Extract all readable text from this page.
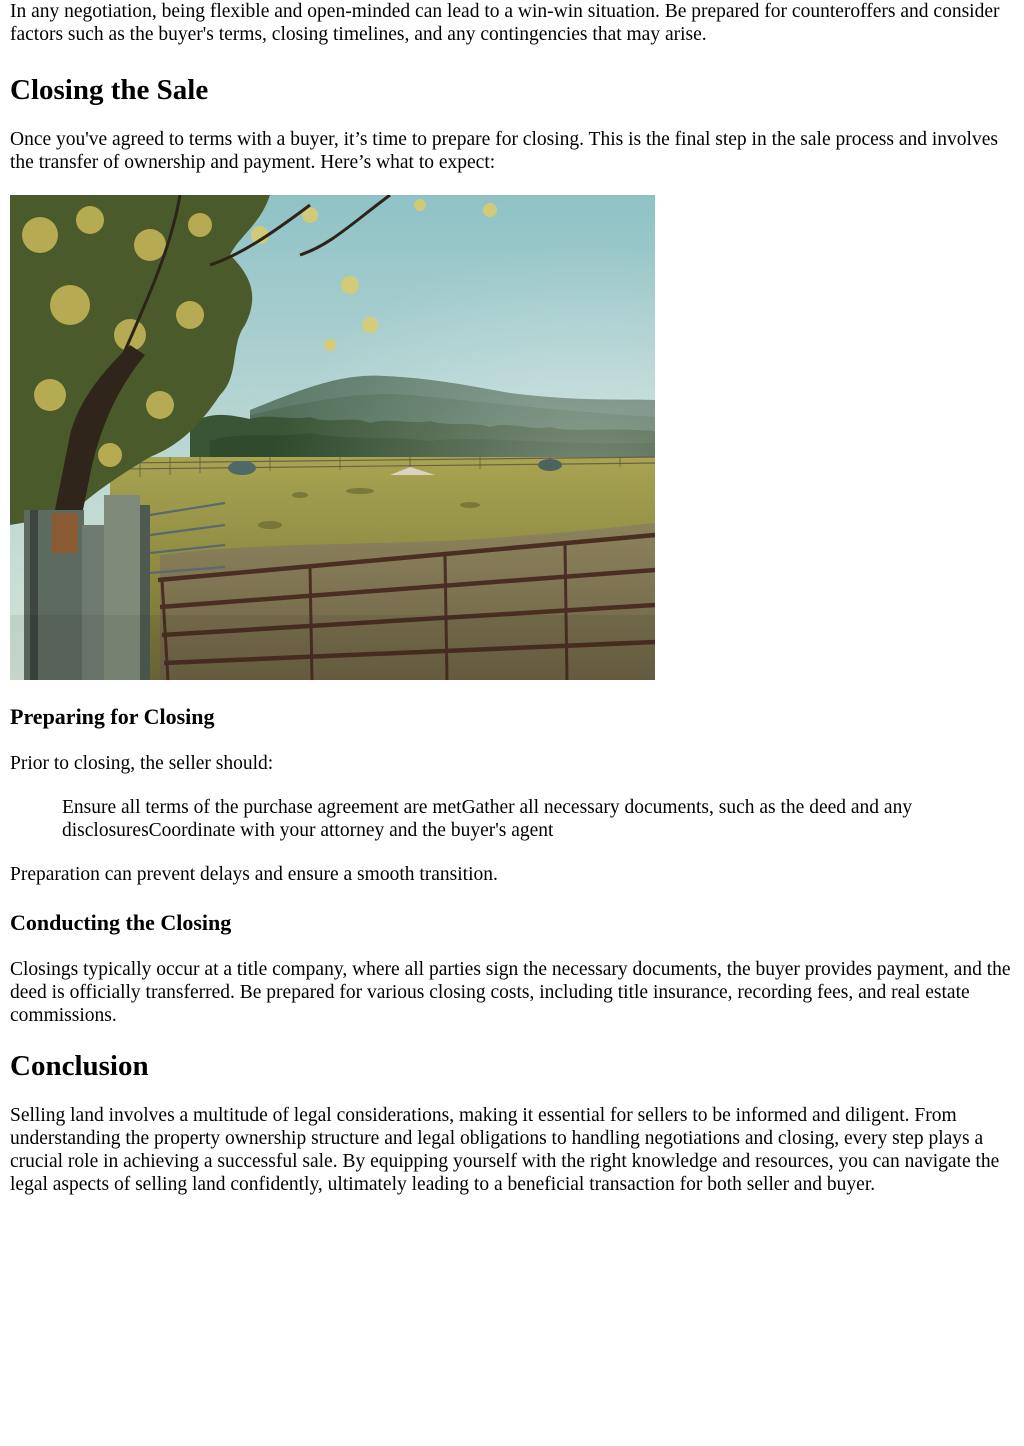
In any negotiation, being flexible and open-minded can lead to a win-win situation. Be prepared for counteroffers and consider factors such as the buyer's terms, closing timelines, and any contingencies that may arise.

Closing the Sale

Once you've agreed to terms with a buyer, it’s time to prepare for closing. This is the final step in the sale process and involves the transfer of ownership and payment. Here’s what to expect:

Preparing for Closing

Prior to closing, the seller should:

Ensure all terms of the purchase agreement are metGather all necessary documents, such as the deed and any disclosuresCoordinate with your attorney and the buyer's agent

Preparation can prevent delays and ensure a smooth transition.

Conducting the Closing

Closings typically occur at a title company, where all parties sign the necessary documents, the buyer provides payment, and the deed is officially transferred. Be prepared for various closing costs, including title insurance, recording fees, and real estate commissions.

Conclusion

Selling land involves a multitude of legal considerations, making it essential for sellers to be informed and diligent. From understanding the property ownership structure and legal obligations to handling negotiations and closing, every step plays a crucial role in achieving a successful sale. By equipping yourself with the right knowledge and resources, you can navigate the legal aspects of selling land confidently, ultimately leading to a beneficial transaction for both seller and buyer.
